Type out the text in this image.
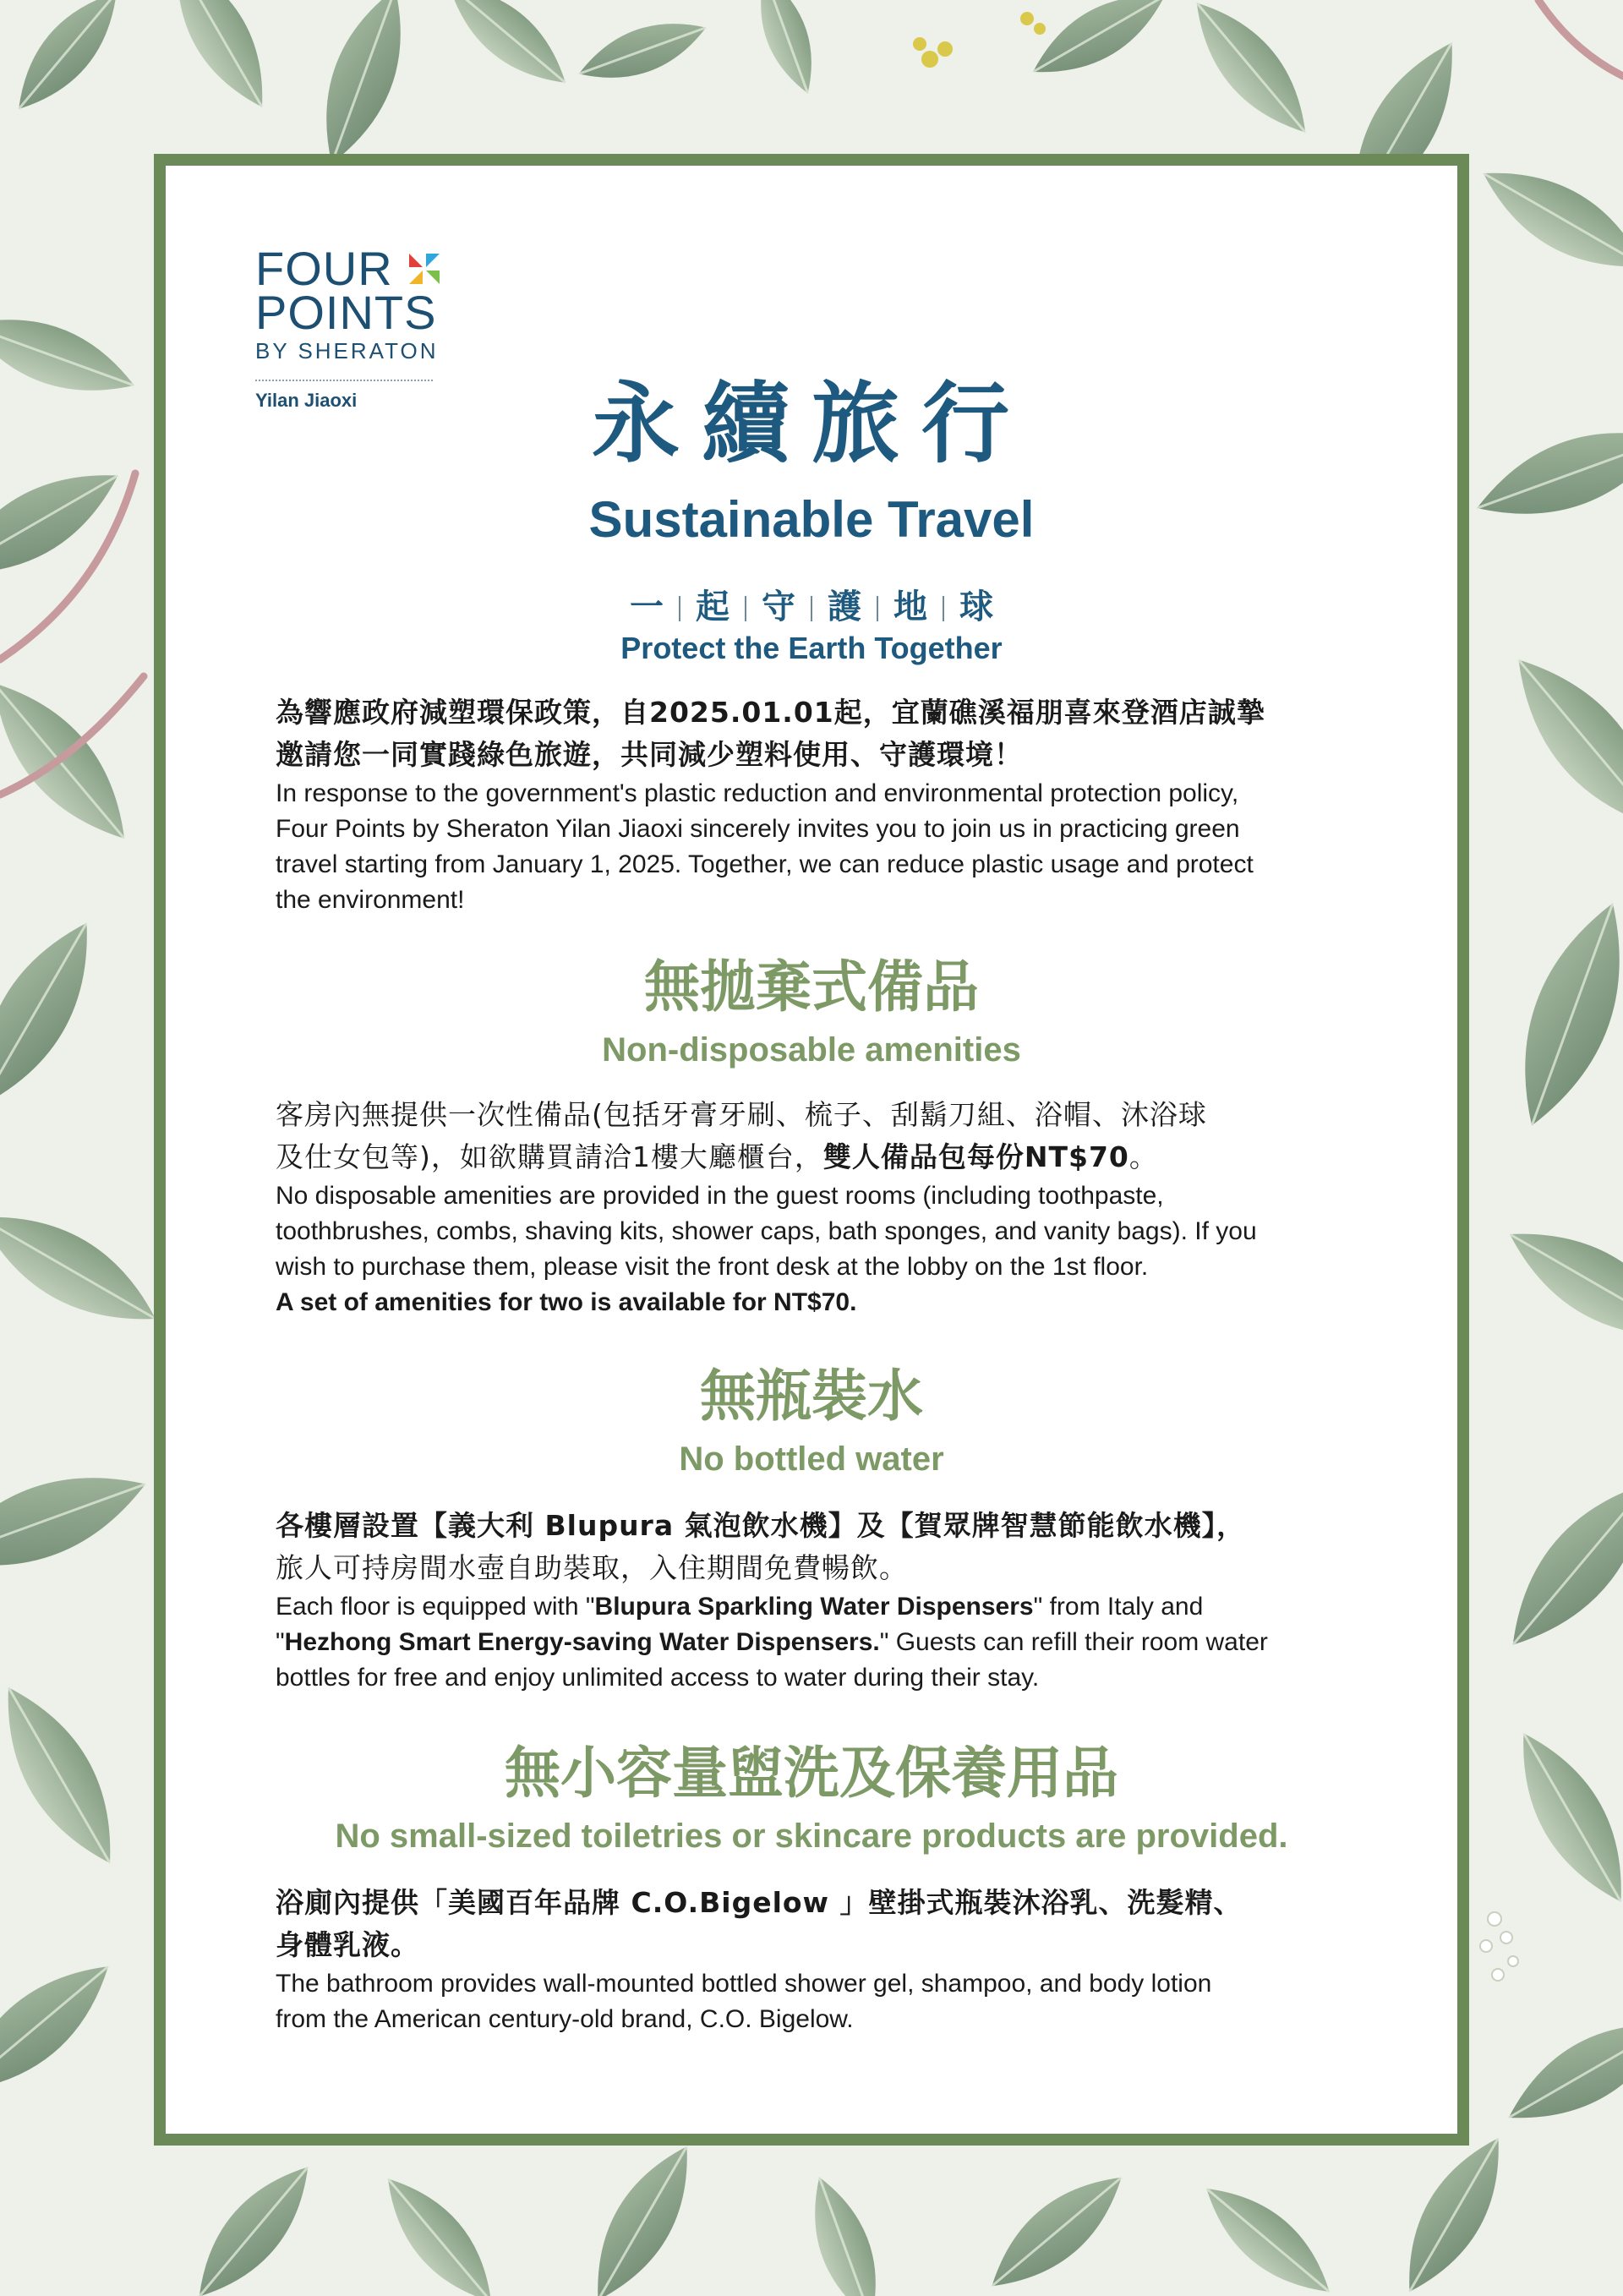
FOUR
POINTS
BY SHERATON
Yilan Jiaoxi	永續旅行
Sustainable Travel
一 起 守 護 地 球
Protect the Earth Together
為響應政府減塑環保政策，自2025.01.01起，宜蘭礁溪福朋喜來登酒店誠摯
邀請您一同實踐綠色旅遊，共同減少塑料使用、守護環境！
In response to the government's plastic reduction and environmental protection policy,
Four Points by Sheraton Yilan Jiaoxi sincerely invites you to join us in practicing green
travel starting from January 1, 2025. Together, we can reduce plastic usage and protect
the environment!
無拋棄式備品
Non-disposable amenities
客房內無提供一次性備品(包括牙膏牙刷、梳子、刮鬍刀組、浴帽、沐浴球
及仕女包等)，如欲購買請洽1樓大廳櫃台，雙人備品包每份NT$70。
No disposable amenities are provided in the guest rooms (including toothpaste,
toothbrushes, combs, shaving kits, shower caps, bath sponges, and vanity bags). If you
wish to purchase them, please visit the front desk at the lobby on the 1st floor.
A set of amenities for two is available for NT$70.
無瓶裝水
No bottled water
各樓層設置【義大利 Blupura 氣泡飲水機】及【賀眾牌智慧節能飲水機】，
旅人可持房間水壺自助裝取，入住期間免費暢飲。
Each floor is equipped with "Blupura Sparkling Water Dispensers" from Italy and
"Hezhong Smart Energy-saving Water Dispensers." Guests can refill their room water
bottles for free and enjoy unlimited access to water during their stay.
無小容量盥洗及保養用品
No small-sized toiletries or skincare products are provided.
浴廁內提供「美國百年品牌 C.O.Bigelow 」壁掛式瓶裝沐浴乳、洗髮精、
身體乳液。
The bathroom provides wall-mounted bottled shower gel, shampoo, and body lotion
from the American century-old brand, C.O. Bigelow.
